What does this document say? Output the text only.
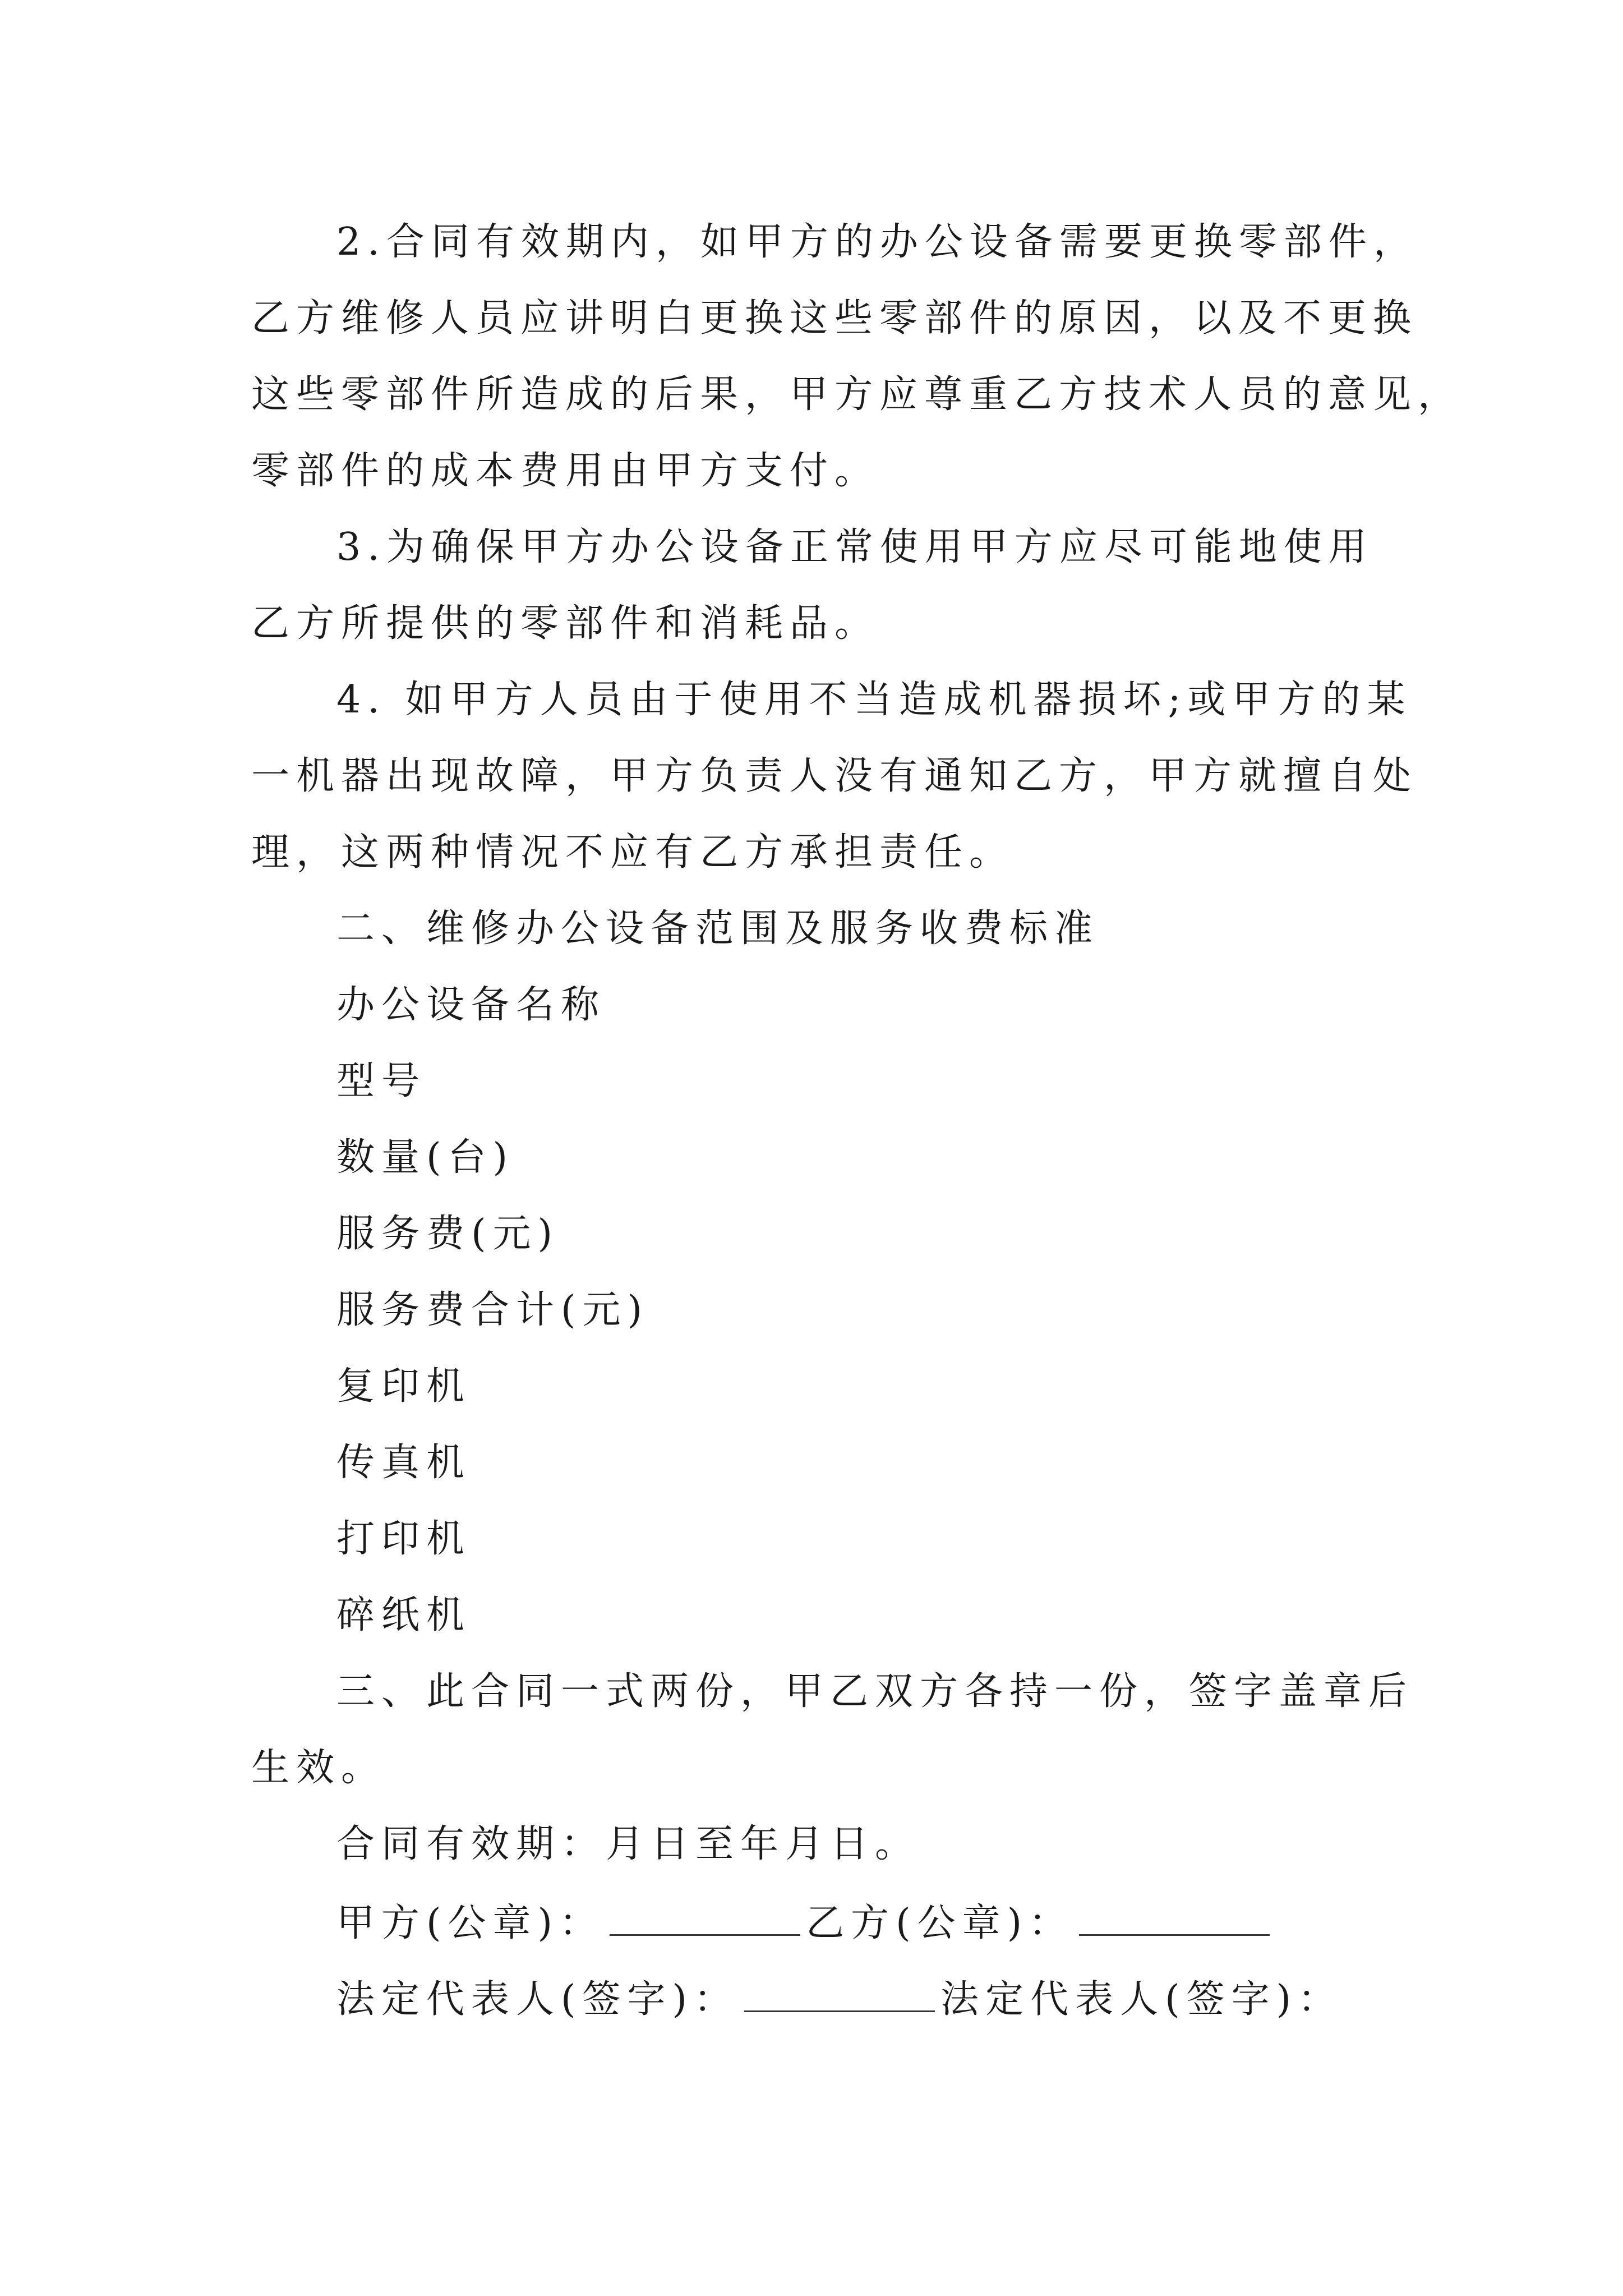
2.合同有效期内，如甲方的办公设备需要更换零部件，
乙方维修人员应讲明白更换这些零部件的原因，以及不更换
这些零部件所造成的后果，甲方应尊重乙方技术人员的意见，
零部件的成本费用由甲方支付。
3.为确保甲方办公设备正常使用甲方应尽可能地使用
乙方所提供的零部件和消耗品。
4. 如甲方人员由于使用不当造成机器损坏;或甲方的某
一机器出现故障，甲方负责人没有通知乙方，甲方就擅自处
理，这两种情况不应有乙方承担责任。
二、维修办公设备范围及服务收费标准
办公设备名称
型号
数量(台)
服务费(元)
服务费合计(元)
复印机
传真机
打印机
碎纸机
三、此合同一式两份，甲乙双方各持一份，签字盖章后
生效。
合同有效期：月日至年月日。
甲方(公章)：	乙方(公章)：
法定代表人(签字)：	法定代表人(签字)：
